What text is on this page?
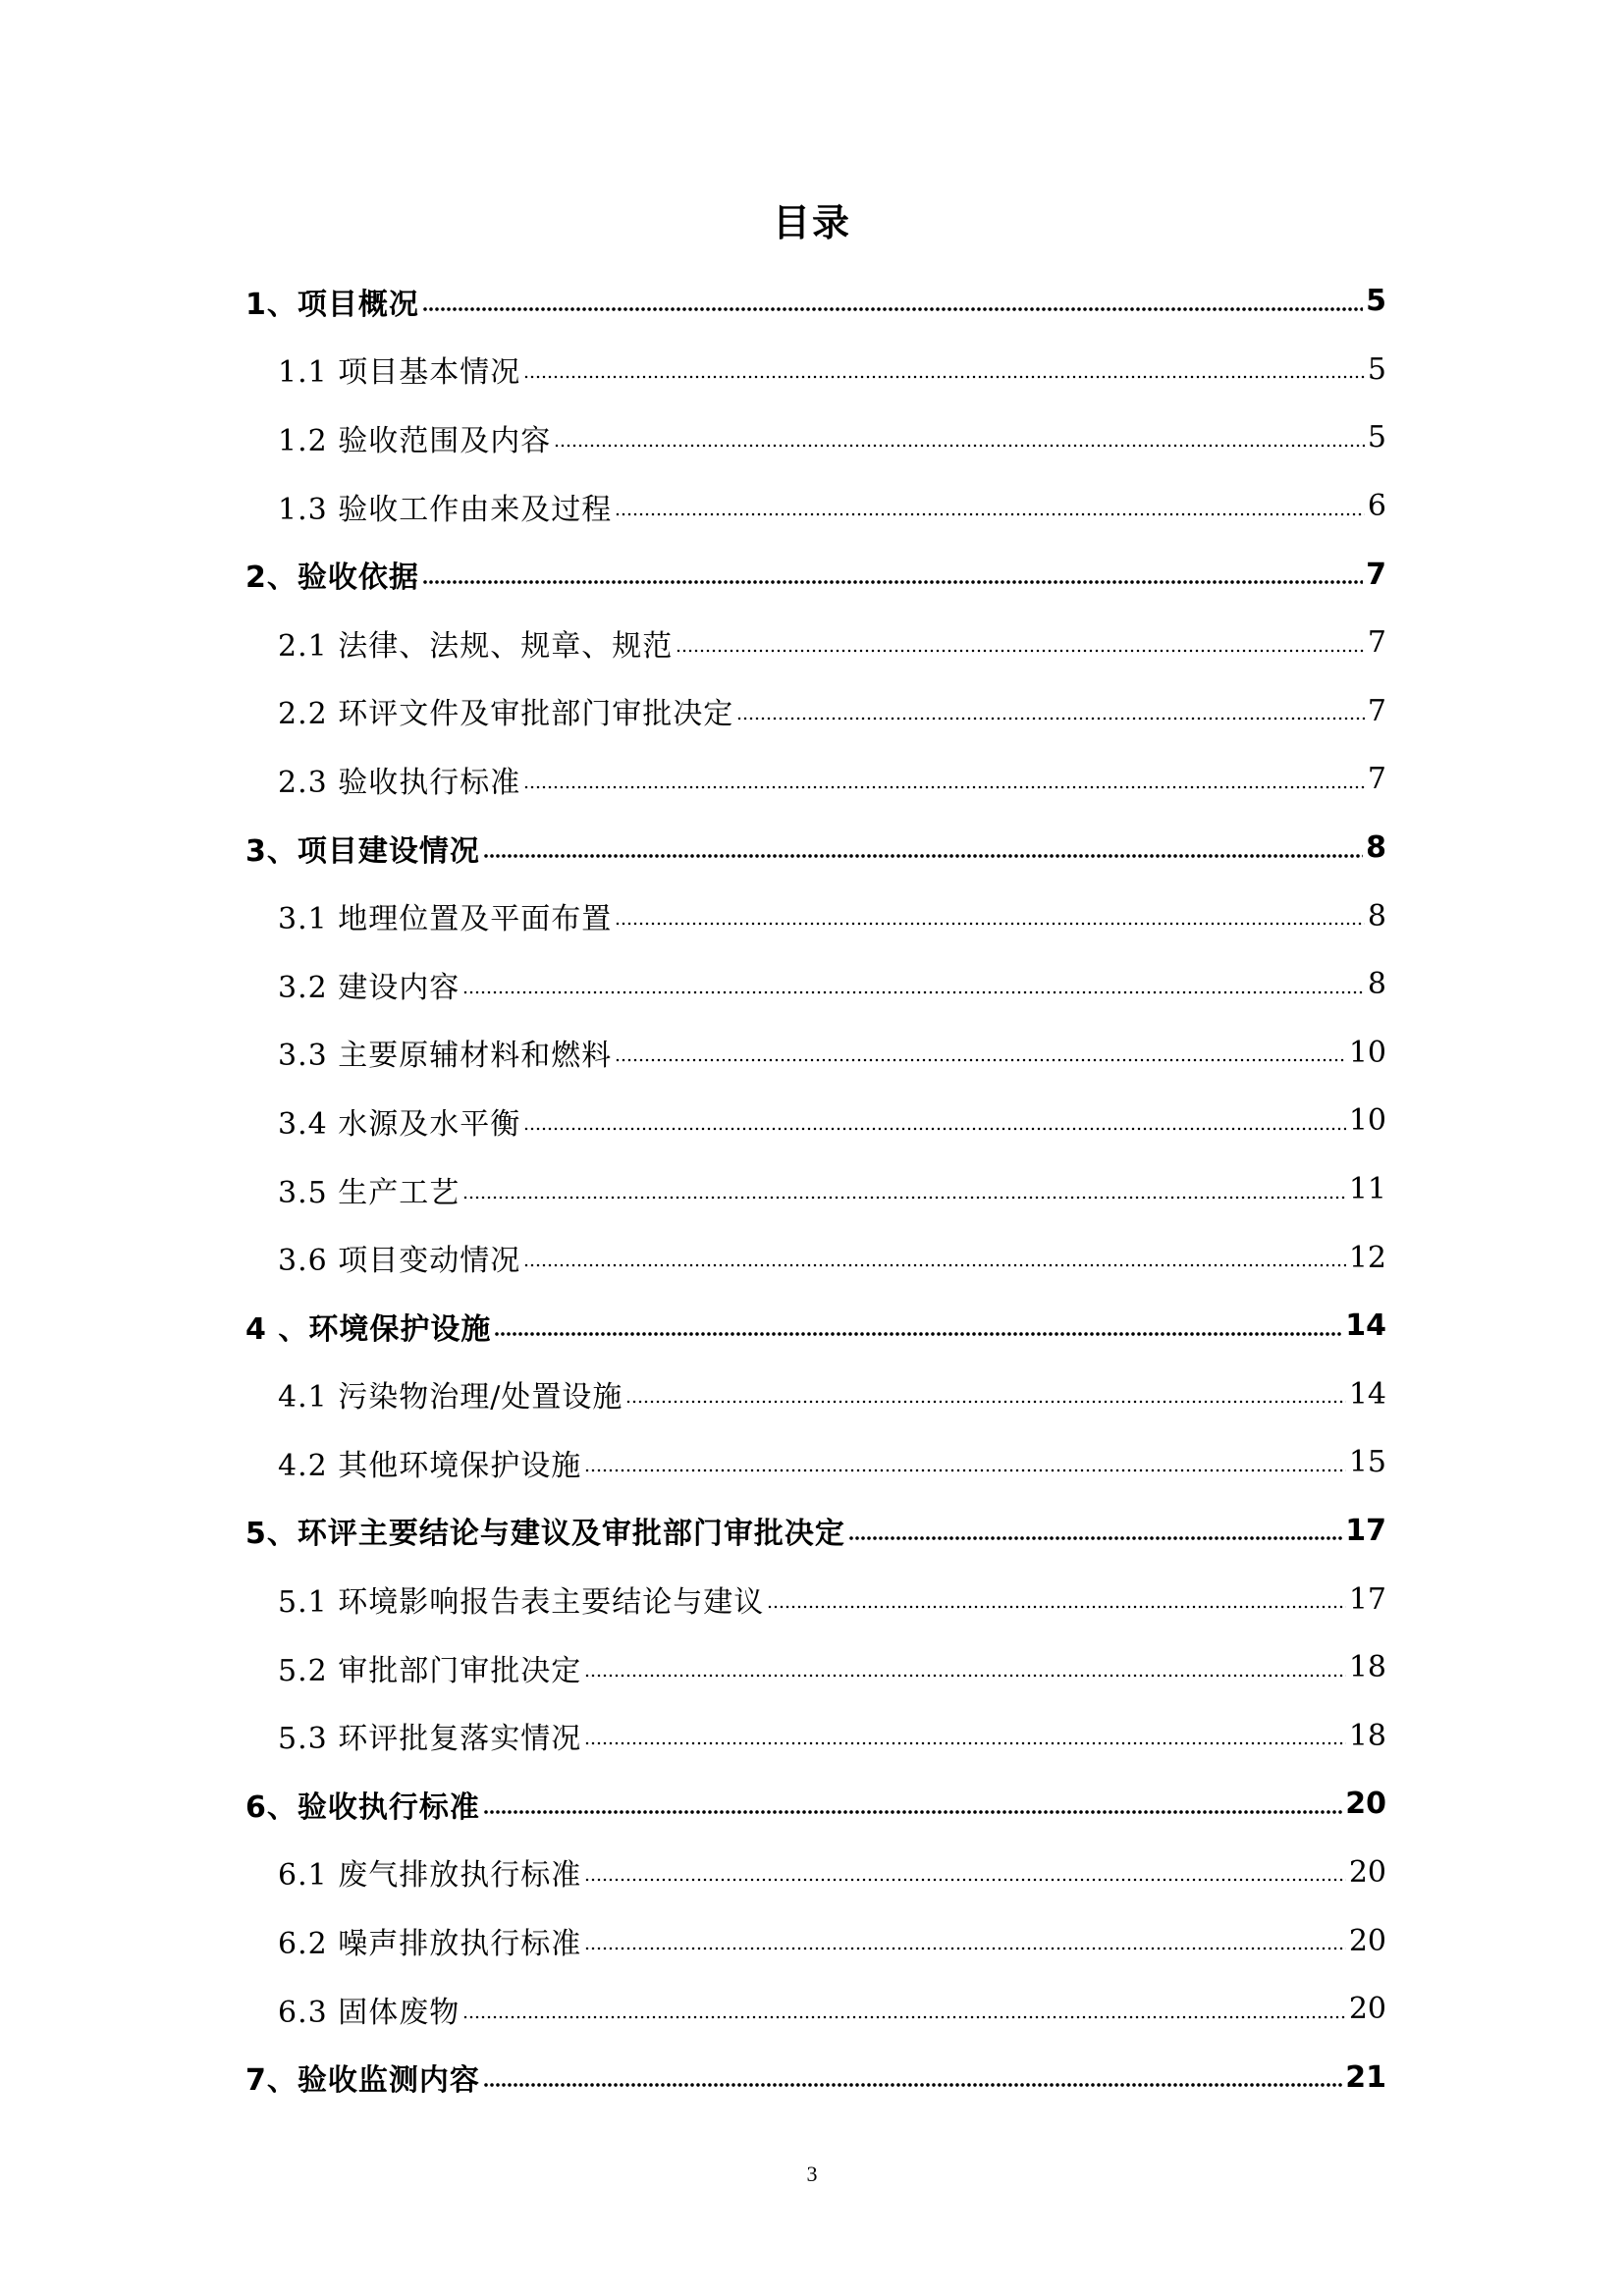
目录
1、项目概况	5
1.1 项目基本情况	5
1.2 验收范围及内容	5
1.3 验收工作由来及过程	6
2、验收依据	7
2.1 法律、法规、规章、规范	7
2.2 环评文件及审批部门审批决定	7
2.3 验收执行标准	7
3、项目建设情况	8
3.1 地理位置及平面布置	8
3.2 建设内容	8
3.3 主要原辅材料和燃料	10
3.4 水源及水平衡	10
3.5 生产工艺	11
3.6 项目变动情况	12
4 、环境保护设施	14
4.1 污染物治理/处置设施	14
4.2 其他环境保护设施	15
5、环评主要结论与建议及审批部门审批决定	17
5.1 环境影响报告表主要结论与建议	17
5.2 审批部门审批决定	18
5.3 环评批复落实情况	18
6、验收执行标准	20
6.1 废气排放执行标准	20
6.2 噪声排放执行标准	20
6.3 固体废物	20
7、验收监测内容	21
3
